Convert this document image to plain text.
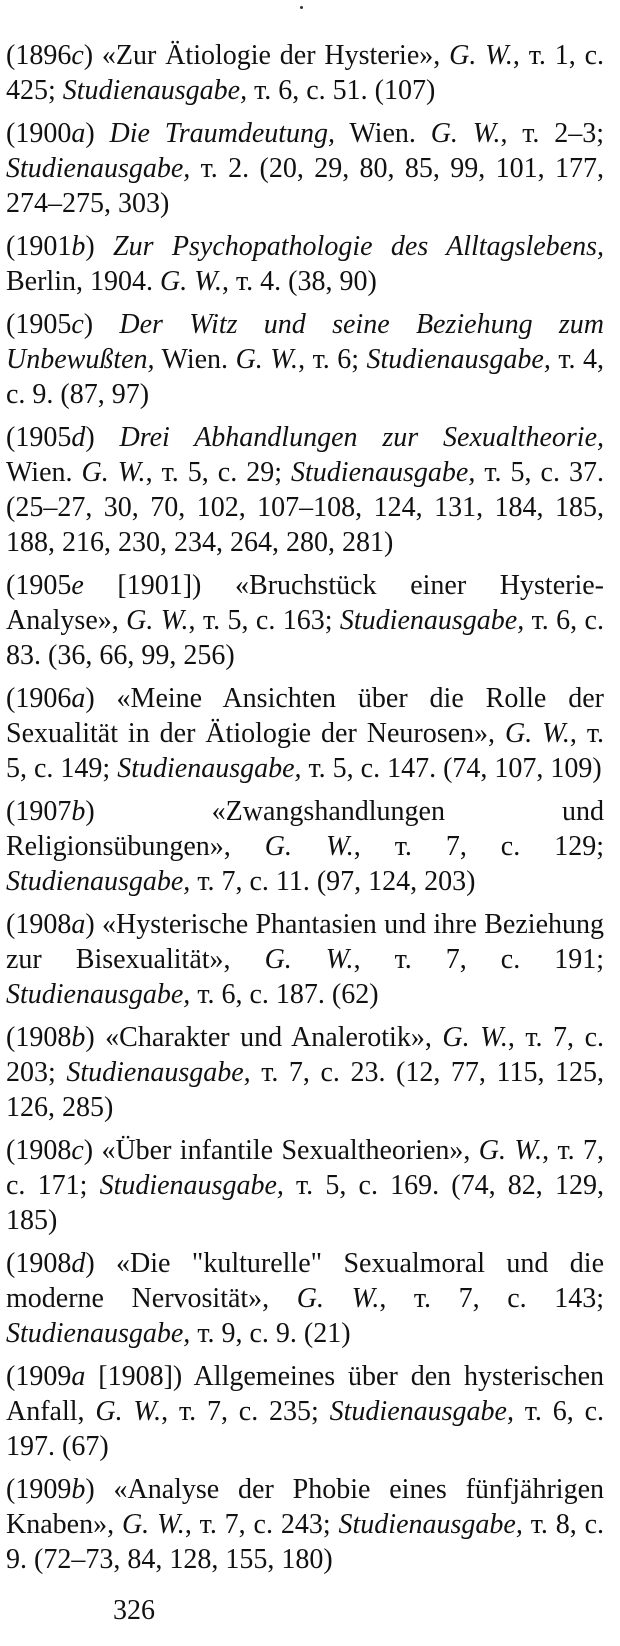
(1896c) «Zur Ätiologie der Hysterie», G. W., т. 1, с. 425; Studienausgabe, т. 6, с. 51. (107)

(1900a) Die Traumdeutung, Wien. G. W., т. 2–3; Studienausgabe, т. 2. (20, 29, 80, 85, 99, 101, 177, 274–275, 303)

(1901b) Zur Psychopathologie des Alltagslebens, Berlin, 1904. G. W., т. 4. (38, 90)

(1905c) Der Witz und seine Beziehung zum Unbewußten, Wien. G. W., т. 6; Studienausgabe, т. 4, с. 9. (87, 97)

(1905d) Drei Abhandlungen zur Sexualtheorie, Wien. G. W., т. 5, с. 29; Studienausgabe, т. 5, с. 37. (25–27, 30, 70, 102, 107–108, 124, 131, 184, 185, 188, 216, 230, 234, 264, 280, 281)

(1905e [1901]) «Bruchstück einer Hysterie-Analyse», G. W., т. 5, с. 163; Studienausgabe, т. 6, с. 83. (36, 66, 99, 256)

(1906a) «Meine Ansichten über die Rolle der Sexualität in der Ätiologie der Neurosen», G. W., т. 5, с. 149; Studienausgabe, т. 5, с. 147. (74, 107, 109)

(1907b) «Zwangshandlungen und Religionsübungen», G. W., т. 7, с. 129; Studienausgabe, т. 7, с. 11. (97, 124, 203)

(1908a) «Hysterische Phantasien und ihre Beziehung zur Bisexualität», G. W., т. 7, с. 191; Studienausgabe, т. 6, с. 187. (62)

(1908b) «Charakter und Analerotik», G. W., т. 7, с. 203; Studienausgabe, т. 7, с. 23. (12, 77, 115, 125, 126, 285)

(1908c) «Über infantile Sexualtheorien», G. W., т. 7, с. 171; Studienausgabe, т. 5, с. 169. (74, 82, 129, 185)

(1908d) «Die "kulturelle" Sexualmoral und die moderne Nervosität», G. W., т. 7, с. 143; Studienausgabe, т. 9, с. 9. (21)

(1909a [1908]) Allgemeines über den hysterischen Anfall, G. W., т. 7, с. 235; Studienausgabe, т. 6, с. 197. (67)

(1909b) «Analyse der Phobie eines fünfjährigen Knaben», G. W., т. 7, с. 243; Studienausgabe, т. 8, с. 9. (72–73, 84, 128, 155, 180)

326
